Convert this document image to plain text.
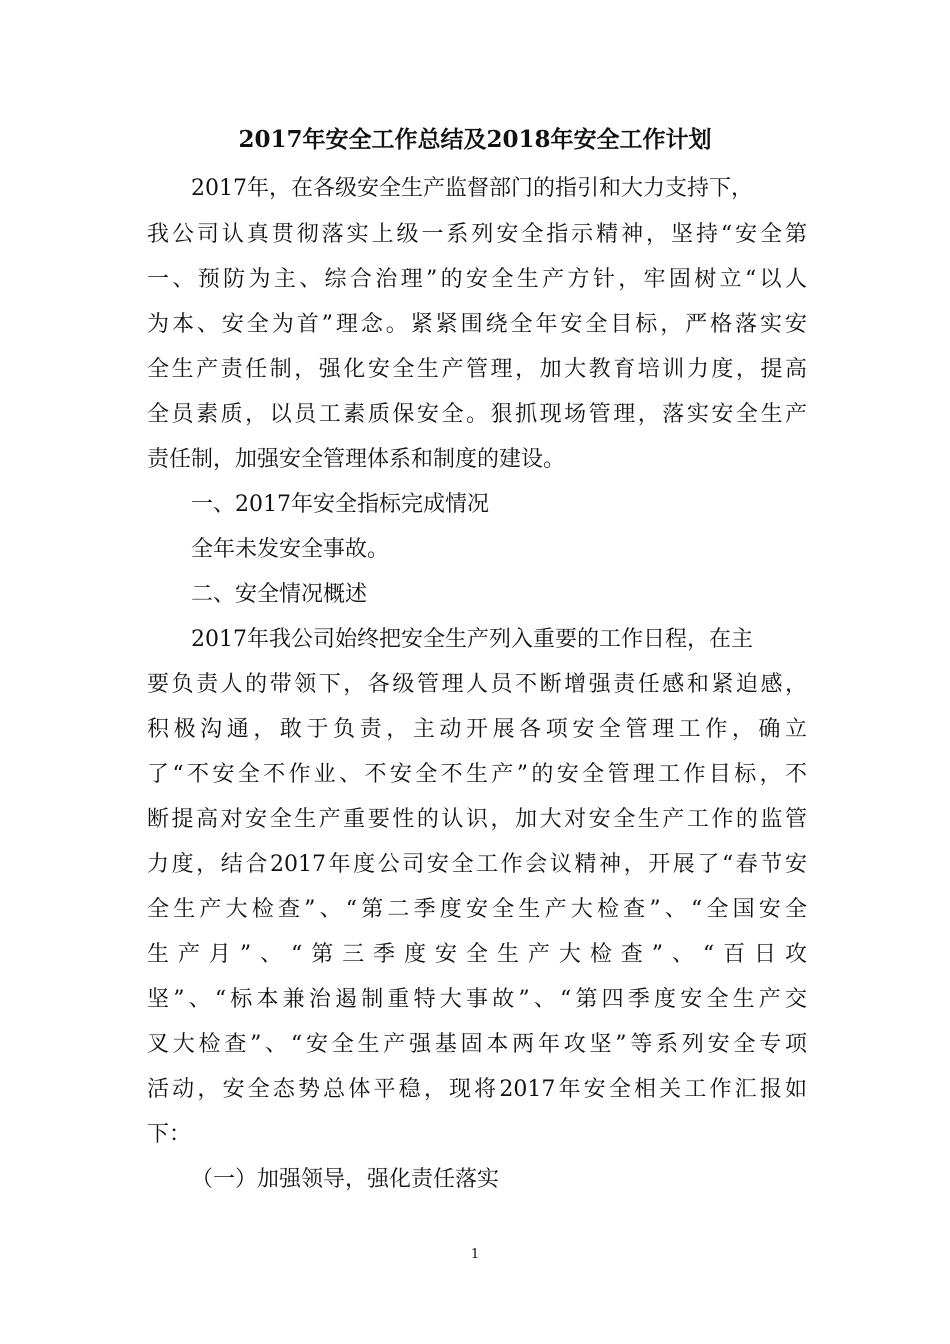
2017年安全工作总结及2018年安全工作计划
2017年，在各级安全生产监督部门的指引和大力支持下，
我公司认真贯彻落实上级一系列安全指示精神，坚持“安全第
一、预防为主、综合治理”的安全生产方针，牢固树立“以人
为本、安全为首”理念。紧紧围绕全年安全目标，严格落实安
全生产责任制，强化安全生产管理，加大教育培训力度，提高
全员素质，以员工素质保安全。狠抓现场管理，落实安全生产
责任制，加强安全管理体系和制度的建设。
一、2017年安全指标完成情况
全年未发安全事故。
二、安全情况概述
2017年我公司始终把安全生产列入重要的工作日程，在主
要负责人的带领下，各级管理人员不断增强责任感和紧迫感，
积极沟通，敢于负责，主动开展各项安全管理工作，确立
了“不安全不作业、不安全不生产”的安全管理工作目标，不
断提高对安全生产重要性的认识，加大对安全生产工作的监管
力度，结合2017年度公司安全工作会议精神，开展了“春节安
全生产大检查”、“第二季度安全生产大检查”、“全国安全
生产月”、“第三季度安全生产大检查”、“百日攻
坚”、“标本兼治遏制重特大事故”、“第四季度安全生产交
叉大检查”、“安全生产强基固本两年攻坚”等系列安全专项
活动，安全态势总体平稳，现将2017年安全相关工作汇报如
下：
（一）加强领导，强化责任落实
1
